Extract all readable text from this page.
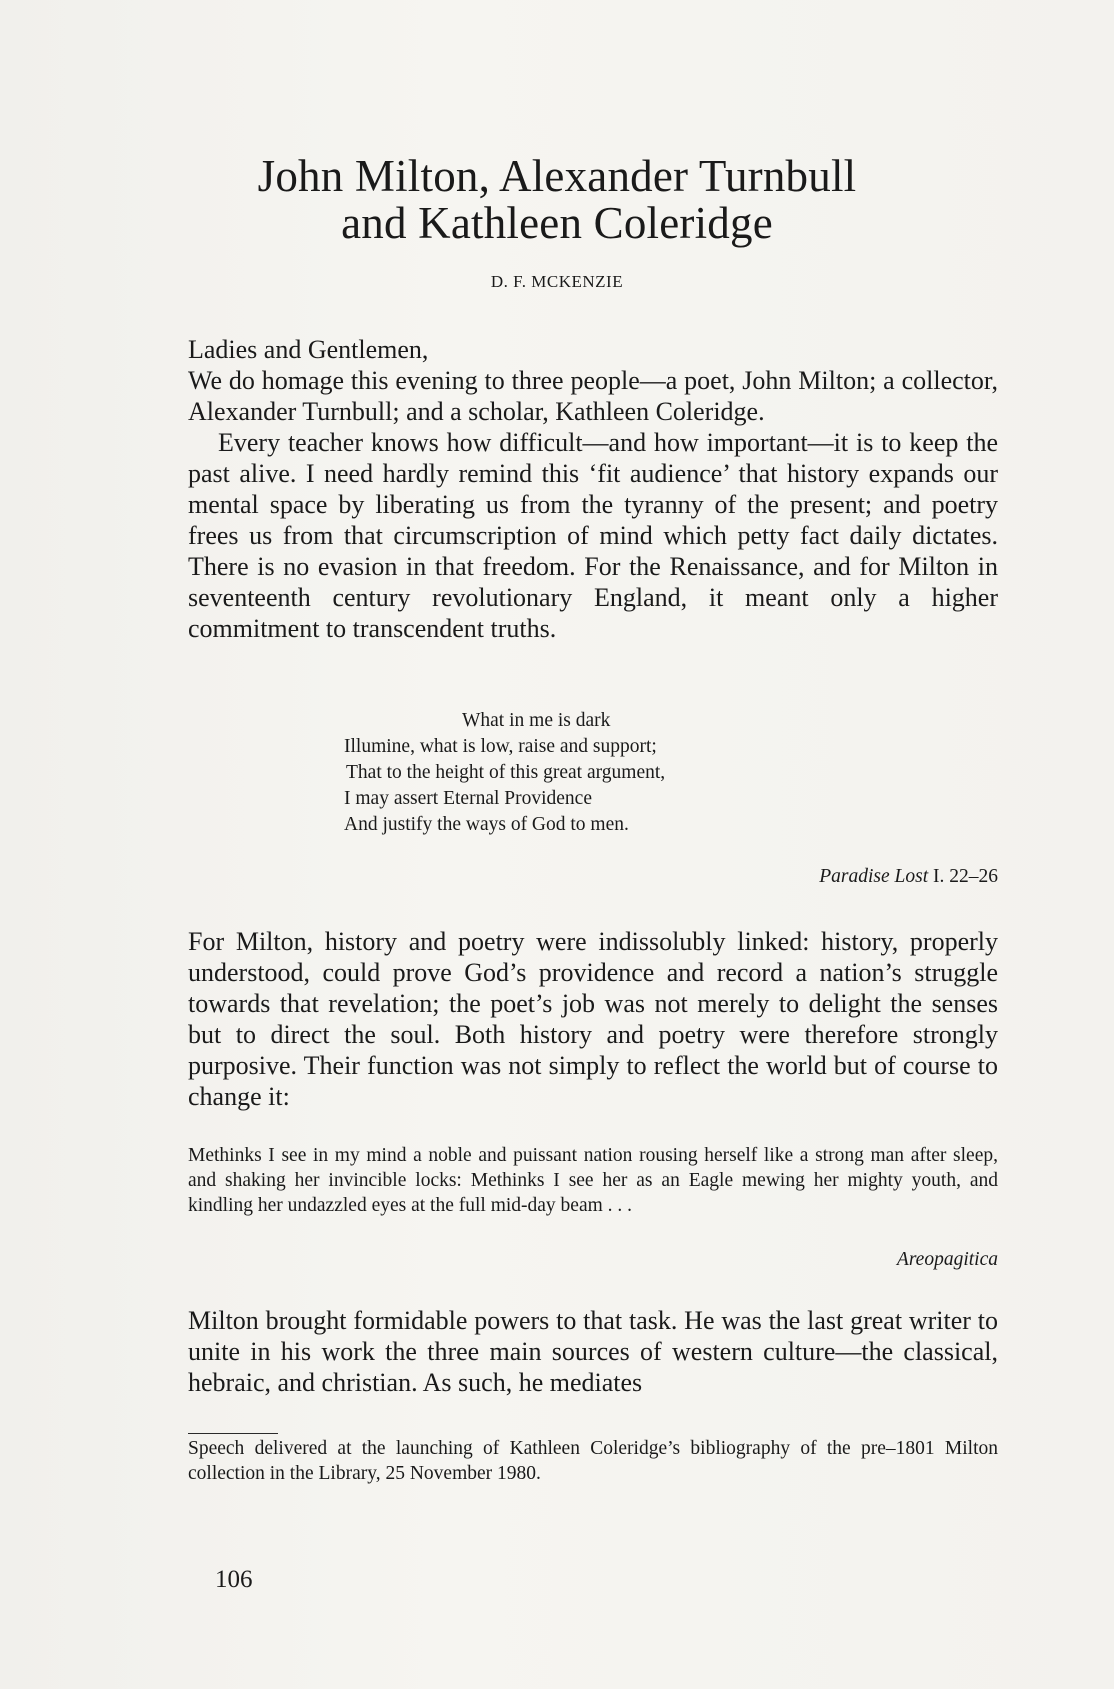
John Milton, Alexander Turnbull
and Kathleen Coleridge
D. F. MCKENZIE

Ladies and Gentlemen,

We do homage this evening to three people—a poet, John Milton; a collector, Alexander Turnbull; and a scholar, Kathleen Coleridge.

Every teacher knows how difficult—and how important—it is to keep the past alive. I need hardly remind this ‘fit audience’ that history expands our mental space by liberating us from the tyranny of the present; and poetry frees us from that circumscription of mind which petty fact daily dictates. There is no evasion in that freedom. For the Renaissance, and for Milton in seventeenth century revolutionary England, it meant only a higher commitment to transcendent truths.

What in me is dark
Illumine, what is low, raise and support;
That to the height of this great argument,
I may assert Eternal Providence
And justify the ways of God to men.
Paradise Lost I. 22–26

For Milton, history and poetry were indissolubly linked: history, properly understood, could prove God’s providence and record a nation’s struggle towards that revelation; the poet’s job was not merely to delight the senses but to direct the soul. Both history and poetry were therefore strongly purposive. Their function was not simply to reflect the world but of course to change it:

Methinks I see in my mind a noble and puissant nation rousing herself like a strong man after sleep, and shaking her invincible locks: Methinks I see her as an Eagle mewing her mighty youth, and kindling her undazzled eyes at the full mid-day beam . . .
Areopagitica

Milton brought formidable powers to that task. He was the last great writer to unite in his work the three main sources of western culture—the classical, hebraic, and christian. As such, he mediates

Speech delivered at the launching of Kathleen Coleridge’s bibliography of the pre–1801 Milton collection in the Library, 25 November 1980.
106
